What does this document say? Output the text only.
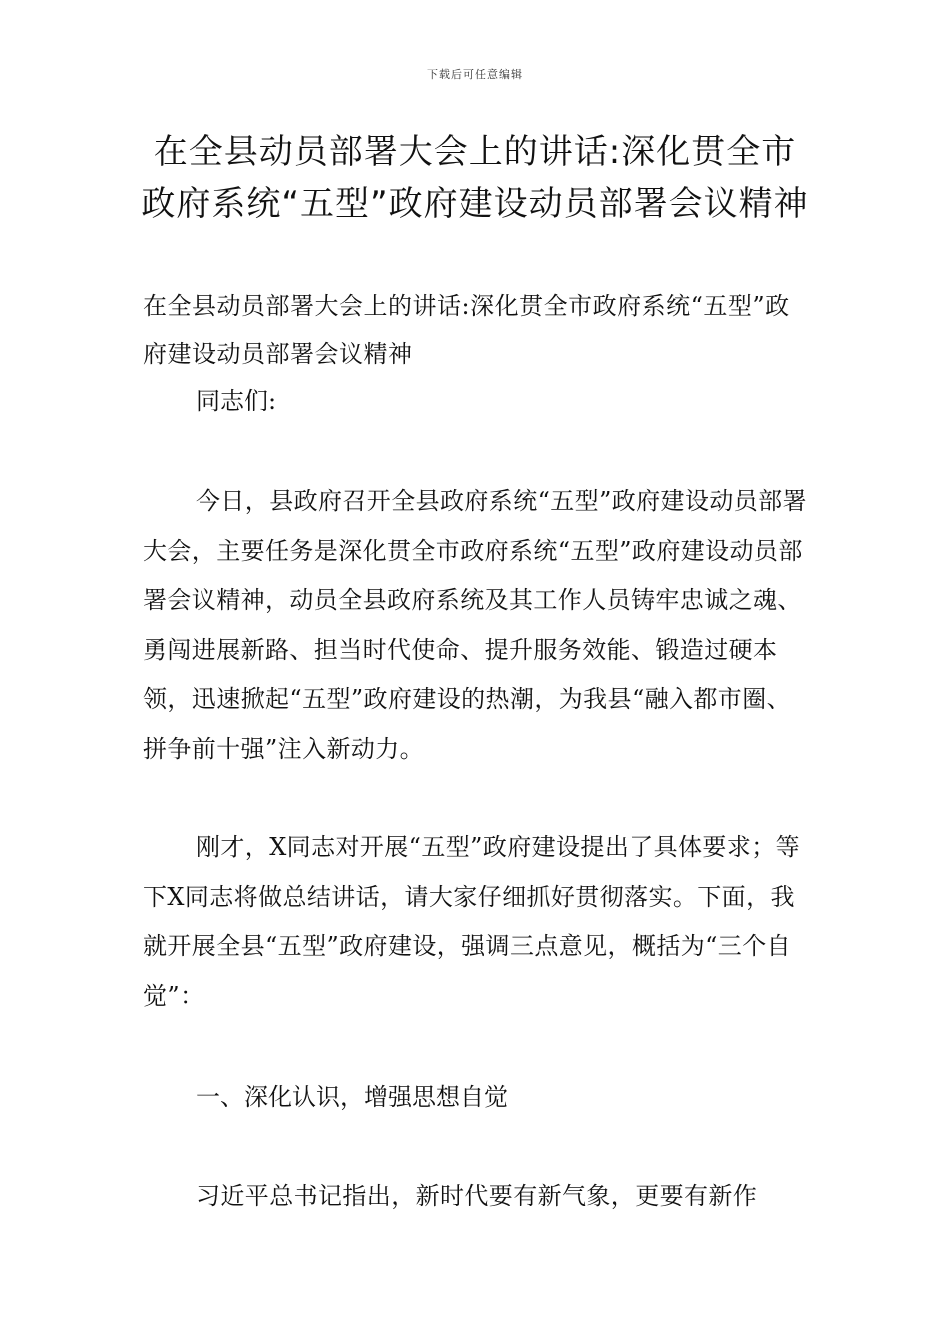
下载后可任意编辑
在全县动员部署大会上的讲话:深化贯全市政府系统“五型”政府建设动员部署会议精神

在全县动员部署大会上的讲话:深化贯全市政府系统“五型”政府建设动员部署会议精神

同志们:

今日，县政府召开全县政府系统“五型”政府建设动员部署大会，主要任务是深化贯全市政府系统“五型”政府建设动员部署会议精神，动员全县政府系统及其工作人员铸牢忠诚之魂、勇闯进展新路、担当时代使命、提升服务效能、锻造过硬本领，迅速掀起“五型”政府建设的热潮，为我县“融入都市圈、拼争前十强”注入新动力。

刚才，X同志对开展“五型”政府建设提出了具体要求；等下X同志将做总结讲话，请大家仔细抓好贯彻落实。下面，我就开展全县“五型”政府建设，强调三点意见，概括为“三个自觉”：

一、深化认识，增强思想自觉

习近平总书记指出，新时代要有新气象，更要有新作
